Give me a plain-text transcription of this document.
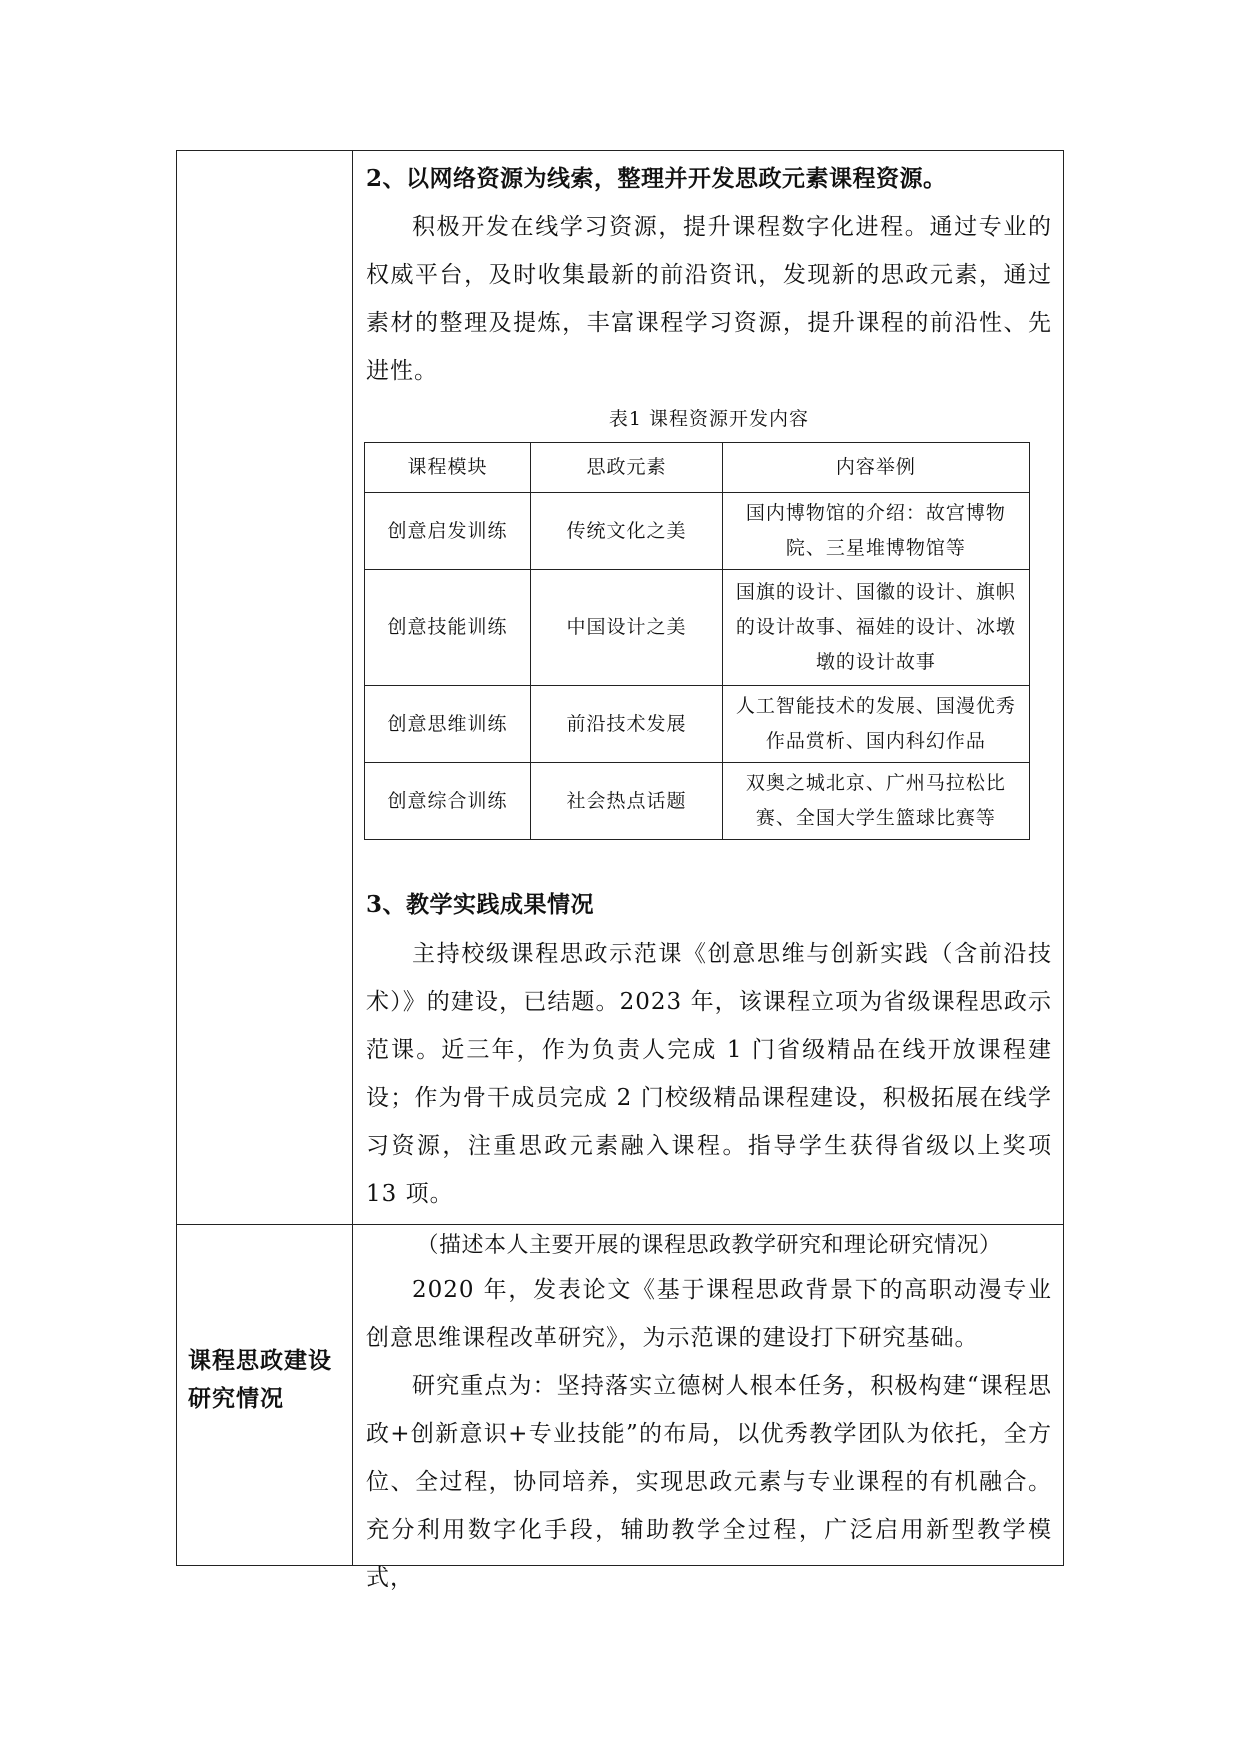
2、以网络资源为线索，整理并开发思政元素课程资源。
积极开发在线学习资源，提升课程数字化进程。通过专业的权威平台，及时收集最新的前沿资讯，发现新的思政元素，通过素材的整理及提炼，丰富课程学习资源，提升课程的前沿性、先进性。
表1 课程资源开发内容
课程模块	思政元素	内容举例
创意启发训练	传统文化之美	国内博物馆的介绍：故宫博物院、三星堆博物馆等
创意技能训练	中国设计之美	国旗的设计、国徽的设计、旗帜的设计故事、福娃的设计、冰墩墩的设计故事
创意思维训练	前沿技术发展	人工智能技术的发展、国漫优秀作品赏析、国内科幻作品
创意综合训练	社会热点话题	双奥之城北京、广州马拉松比赛、全国大学生篮球比赛等
3、教学实践成果情况
主持校级课程思政示范课《创意思维与创新实践（含前沿技术）》的建设，已结题。2023 年，该课程立项为省级课程思政示范课。近三年，作为负责人完成 1 门省级精品在线开放课程建设；作为骨干成员完成 2 门校级精品课程建设，积极拓展在线学习资源，注重思政元素融入课程。指导学生获得省级以上奖项 13 项。
课程思政建设研究情况
（描述本人主要开展的课程思政教学研究和理论研究情况）
2020 年，发表论文《基于课程思政背景下的高职动漫专业创意思维课程改革研究》，为示范课的建设打下研究基础。
研究重点为：坚持落实立德树人根本任务，积极构建“课程思政+创新意识+专业技能”的布局，以优秀教学团队为依托，全方位、全过程，协同培养，实现思政元素与专业课程的有机融合。充分利用数字化手段，辅助教学全过程，广泛启用新型教学模式，
